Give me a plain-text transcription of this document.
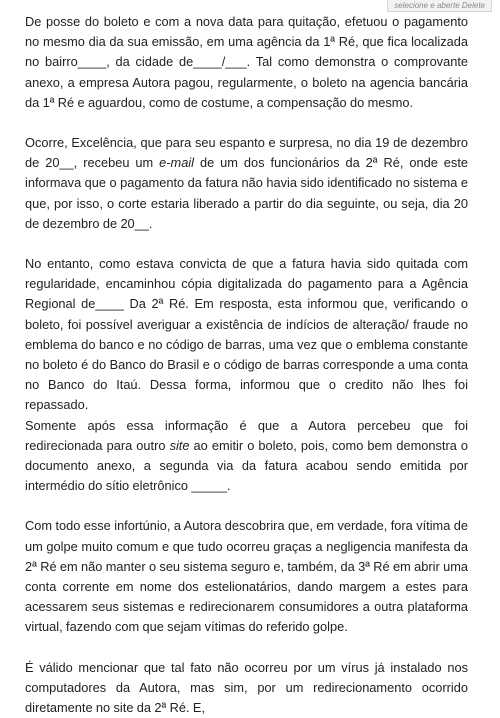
selecione e aberte Delete

De posse do boleto e com a nova data para quitação, efetuou o pagamento no mesmo dia da sua emissão, em uma agência da 1ª Ré, que fica localizada no bairro____, da cidade de____/___. Tal como demonstra o comprovante anexo, a empresa Autora pagou, regularmente, o boleto na agencia bancária da 1ª Ré e aguardou, como de costume, a compensação do mesmo.

Ocorre, Excelência, que para seu espanto e surpresa, no dia 19 de dezembro de 20__, recebeu um e-mail de um dos funcionários da 2ª Ré, onde este informava que o pagamento da fatura não havia sido identificado no sistema e que, por isso, o corte estaria liberado a partir do dia seguinte, ou seja, dia 20 de dezembro de 20__.

No entanto, como estava convicta de que a fatura havia sido quitada com regularidade, encaminhou cópia digitalizada do pagamento para a Agência Regional de____ Da 2ª Ré. Em resposta, esta informou que, verificando o boleto, foi possível averiguar a existência de indícios de alteração/ fraude no emblema do banco e no código de barras, uma vez que o emblema constante no boleto é do Banco do Brasil e o código de barras corresponde a uma conta no Banco do Itaú. Dessa forma, informou que o credito não lhes foi repassado.

Somente após essa informação é que a Autora percebeu que foi redirecionada para outro site ao emitir o boleto, pois, como bem demonstra o documento anexo, a segunda via da fatura acabou sendo emitida por intermédio do sítio eletrônico _____.

Com todo esse infortúnio, a Autora descobrira que, em verdade, fora vítima de um golpe muito comum e que tudo ocorreu graças a negligencia manifesta da 2ª Ré em não manter o seu sistema seguro e, também, da 3ª Ré em abrir uma conta corrente em nome dos estelionatários, dando margem a estes para acessarem seus sistemas e redirecionarem consumidores a outra plataforma virtual, fazendo com que sejam vítimas do referido golpe.

É válido mencionar que tal fato não ocorreu por um vírus já instalado nos computadores da Autora, mas sim, por um redirecionamento ocorrido diretamente no site da 2ª Ré. E,
